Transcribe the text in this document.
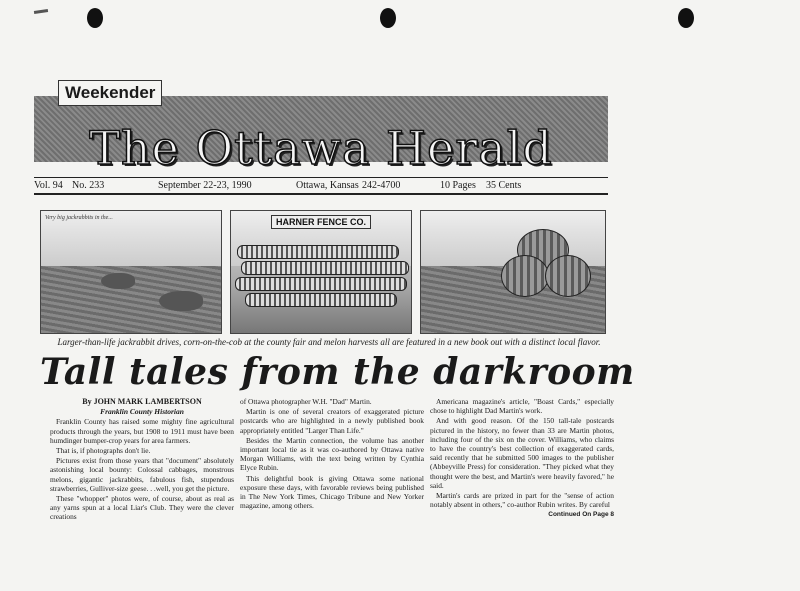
The Ottawa Herald
Weekender
Vol. 94 No. 233	September 22-23, 1990	Ottawa, Kansas 242-4700	10 Pages 35 Cents
Very big jackrabbits in the...	HARNER FENCE CO.
Larger-than-life jackrabbit drives, corn-on-the-cob at the county fair and melon harvests all are featured in a new book out with a distinct local flavor.
Tall tales from the darkroom

By JOHN MARK LAMBERTSON

Franklin County Historian

Franklin County has raised some mighty fine agricultural products through the years, but 1908 to 1911 must have been humdinger bumper-crop years for area farmers.

That is, if photographs don't lie.

Pictures exist from those years that "document" absolutely astonishing local bounty: Colossal cabbages, monstrous melons, gigantic jackrabbits, fabulous fish, stupendous strawberries, Gulliver-size geese. . .well, you get the picture.

These "whopper" photos were, of course, about as real as any yarns spun at a local Liar's Club. They were the clever creations

of Ottawa photographer W.H. "Dad" Martin.

Martin is one of several creators of exaggerated picture postcards who are highlighted in a newly published book appropriately entitled "Larger Than Life."

Besides the Martin connection, the volume has another important local tie as it was co-authored by Ottawa native Morgan Williams, with the text being written by Cynthia Elyce Rubin.

This delightful book is giving Ottawa some national exposure these days, with favorable reviews being published in The New York Times, Chicago Tribune and New Yorker magazine, among others.

Americana magazine's article, "Boast Cards," especially chose to highlight Dad Martin's work.

And with good reason. Of the 150 tall-tale postcards pictured in the history, no fewer than 33 are Martin photos, including four of the six on the cover. Williams, who claims to have the country's best collection of exaggerated cards, said recently that he submitted 500 images to the publisher (Abbeyville Press) for consideration. "They picked what they thought were the best, and Martin's were heavily favored," he said.

Martin's cards are prized in part for the "sense of action notably absent in others," co-author Rubin writes. By careful

Continued On Page 8
